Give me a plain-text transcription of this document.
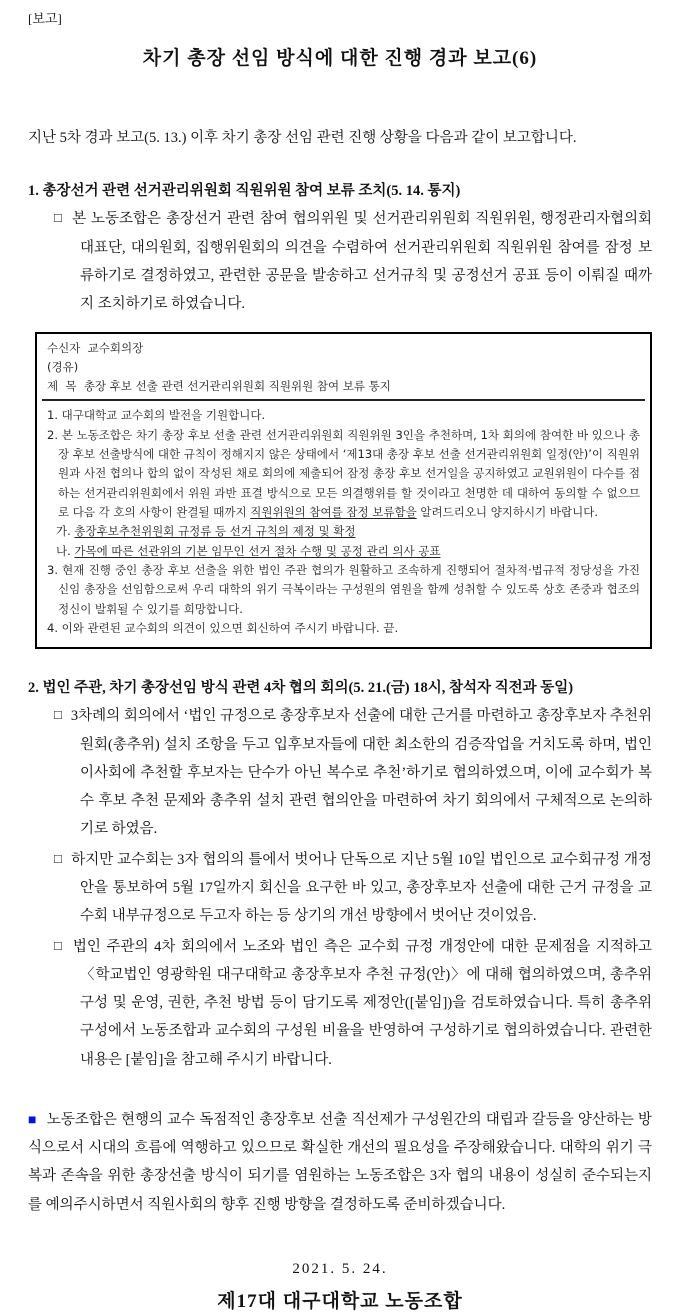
[보고]
차기 총장 선임 방식에 대한 진행 경과 보고(6)

지난 5차 경과 보고(5. 13.) 이후 차기 총장 선임 관련 진행 상황을 다음과 같이 보고합니다.

1. 총장선거 관련 선거관리위원회 직원위원 참여 보류 조치(5. 14. 통지)

□ 본 노동조합은 총장선거 관련 참여 협의위원 및 선거관리위원회 직원위원, 행정관리자협의회 대표단, 대의원회, 집행위원회의 의견을 수렴하여 선거관리위원회 직원위원 참여를 잠정 보류하기로 결정하였고, 관련한 공문을 발송하고 선거규칙 및 공정선거 공표 등이 이뤄질 때까지 조치하기로 하였습니다.

수신자  교수회의장
(경유)
제  목  총장 후보 선출 관련 선거관리위원회 직원위원 참여 보류 통지

1. 대구대학교 교수회의 발전을 기원합니다.

2. 본 노동조합은 차기 총장 후보 선출 관련 선거관리위원회 직원위원 3인을 추천하며, 1차 회의에 참여한 바 있으나 총장 후보 선출방식에 대한 규칙이 정해지지 않은 상태에서 ‘제13대 총장 후보 선출 선거관리위원회 일정(안)’이 직원위원과 사전 협의나 합의 없이 작성된 채로 회의에 제출되어 잠정 총장 후보 선거일을 공지하였고 교원위원이 다수를 점하는 선거관리위원회에서 위원 과반 표결 방식으로 모든 의결행위를 할 것이라고 천명한 데 대하여 동의할 수 없으므로 다음 각 호의 사항이 완결될 때까지 직원위원의 참여를 잠정 보류함을 알려드리오니 양지하시기 바랍니다.

가. 총장후보추천위원회 규정류 등 선거 규칙의 제정 및 확정

나. 가목에 따른 선관위의 기본 임무인 선거 절차 수행 및 공정 관리 의사 공표

3. 현재 진행 중인 총장 후보 선출을 위한 법인 주관 협의가 원활하고 조속하게 진행되어 절차적·법규적 정당성을 가진 신임 총장을 선임함으로써 우리 대학의 위기 극복이라는 구성원의 염원을 함께 성취할 수 있도록 상호 존중과 협조의 정신이 발휘될 수 있기를 희망합니다.

4. 이와 관련된 교수회의 의견이 있으면 회신하여 주시기 바랍니다. 끝.

2. 법인 주관, 차기 총장선임 방식 관련 4차 협의 회의(5. 21.(금) 18시, 참석자 직전과 동일)

□ 3차례의 회의에서 ‘법인 규정으로 총장후보자 선출에 대한 근거를 마련하고 총장후보자 추천위원회(총추위) 설치 조항을 두고 입후보자들에 대한 최소한의 검증작업을 거치도록 하며, 법인 이사회에 추천할 후보자는 단수가 아닌 복수로 추천’하기로 협의하였으며, 이에 교수회가 복수 후보 추천 문제와 총추위 설치 관련 협의안을 마련하여 차기 회의에서 구체적으로 논의하기로 하였음.

□ 하지만 교수회는 3자 협의의 틀에서 벗어나 단독으로 지난 5월 10일 법인으로 교수회규정 개정안을 통보하여 5월 17일까지 회신을 요구한 바 있고, 총장후보자 선출에 대한 근거 규정을 교수회 내부규정으로 두고자 하는 등 상기의 개선 방향에서 벗어난 것이었음.

□ 법인 주관의 4차 회의에서 노조와 법인 측은 교수회 규정 개정안에 대한 문제점을 지적하고 〈학교법인 영광학원 대구대학교 총장후보자 추천 규정(안)〉에 대해 협의하였으며, 총추위 구성 및 운영, 권한, 추천 방법 등이 담기도록 제정안([붙임])을 검토하였습니다. 특히 총추위 구성에서 노동조합과 교수회의 구성원 비율을 반영하여 구성하기로 협의하였습니다. 관련한 내용은 [붙임]을 참고해 주시기 바랍니다.

■ 노동조합은 현행의 교수 독점적인 총장후보 선출 직선제가 구성원간의 대립과 갈등을 양산하는 방식으로서 시대의 흐름에 역행하고 있으므로 확실한 개선의 필요성을 주장해왔습니다. 대학의 위기 극복과 존속을 위한 총장선출 방식이 되기를 염원하는 노동조합은 3자 협의 내용이 성실히 준수되는지를 예의주시하면서 직원사회의 향후 진행 방향을 결정하도록 준비하겠습니다.

2021. 5. 24.
제17대 대구대학교 노동조합
